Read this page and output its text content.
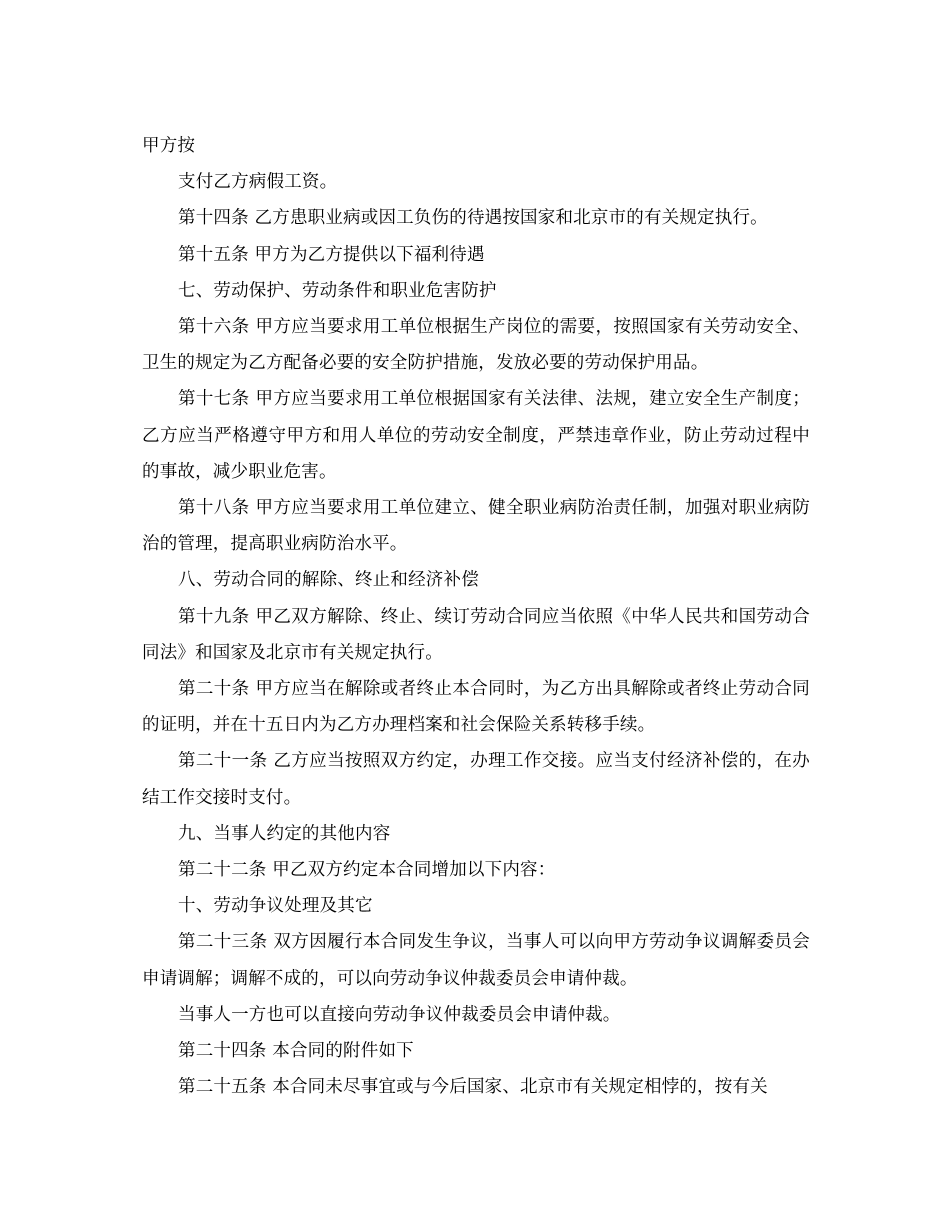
甲方按

支付乙方病假工资。

第十四条 乙方患职业病或因工负伤的待遇按国家和北京市的有关规定执行。

第十五条 甲方为乙方提供以下福利待遇

七、劳动保护、劳动条件和职业危害防护

第十六条 甲方应当要求用工单位根据生产岗位的需要，按照国家有关劳动安全、卫生的规定为乙方配备必要的安全防护措施，发放必要的劳动保护用品。

第十七条 甲方应当要求用工单位根据国家有关法律、法规，建立安全生产制度；乙方应当严格遵守甲方和用人单位的劳动安全制度，严禁违章作业，防止劳动过程中的事故，减少职业危害。

第十八条 甲方应当要求用工单位建立、健全职业病防治责任制，加强对职业病防治的管理，提高职业病防治水平。

八、劳动合同的解除、终止和经济补偿

第十九条 甲乙双方解除、终止、续订劳动合同应当依照《中华人民共和国劳动合同法》和国家及北京市有关规定执行。

第二十条 甲方应当在解除或者终止本合同时，为乙方出具解除或者终止劳动合同的证明，并在十五日内为乙方办理档案和社会保险关系转移手续。

第二十一条 乙方应当按照双方约定，办理工作交接。应当支付经济补偿的，在办结工作交接时支付。

九、当事人约定的其他内容

第二十二条 甲乙双方约定本合同增加以下内容：

十、劳动争议处理及其它

第二十三条 双方因履行本合同发生争议，当事人可以向甲方劳动争议调解委员会申请调解；调解不成的，可以向劳动争议仲裁委员会申请仲裁。

当事人一方也可以直接向劳动争议仲裁委员会申请仲裁。

第二十四条 本合同的附件如下

第二十五条 本合同未尽事宜或与今后国家、北京市有关规定相悖的，按有关
